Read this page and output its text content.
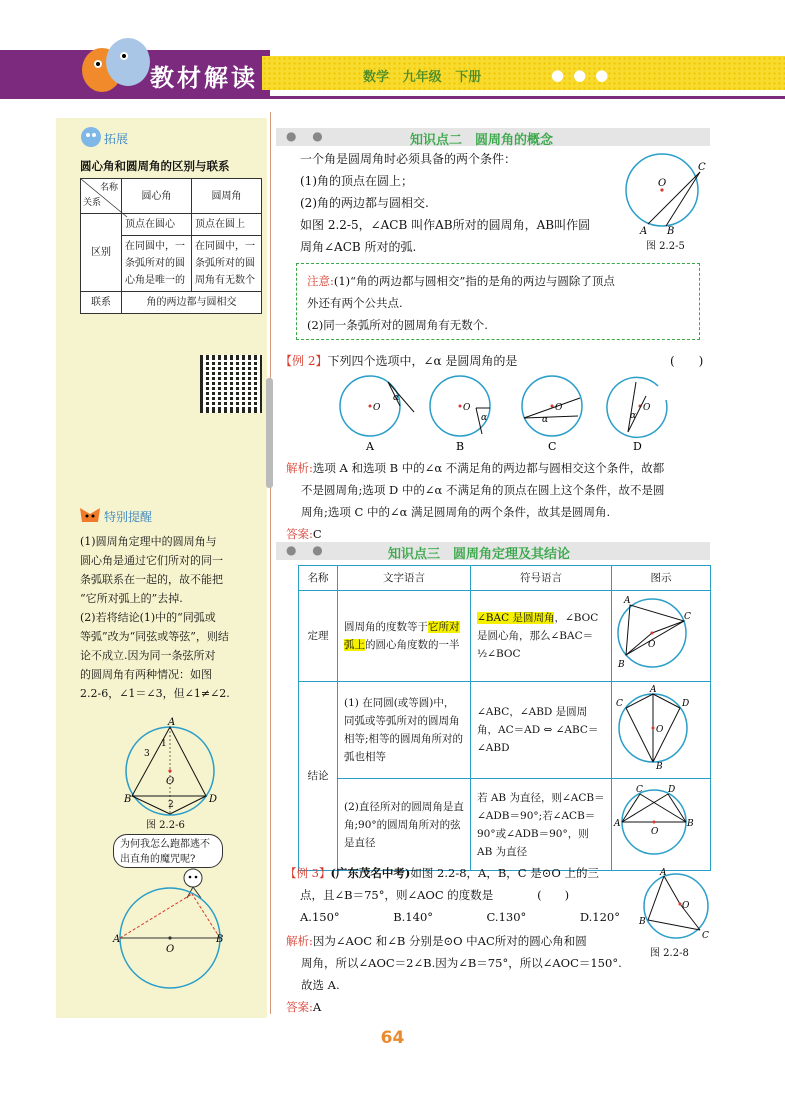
教材解读	数学 九年级 下册	●●●
拓展
圆心角和圆周角的区别与联系
名称
关系	圆心角	圆周角
区别	顶点在圆心	顶点在圆上
	在同圆中，一条弧所对的圆心角是唯一的	在同圆中，一条弧所对的圆周角有无数个
联系	角的两边都与圆相交	
特别提醒
(1)圆周角定理中的圆周角与
圆心角是通过它们所对的同一
条弧联系在一起的，故不能把
“它所对弧上的”去掉.
(2)若将结论(1)中的“同弧或
等弧”改为“同弦或等弦”，则结
论不成立.因为同一条弦所对
的圆周角有两种情况：如图
2.2-6，∠1＝∠3，但∠1≠∠2.
A
B	D
O
1
3
2
图 2.2-6
为何我怎么跑都逃不出直角的魔咒呢?
A	B
O
● ●	知识点二　圆周角的概念
一个角是圆周角时必须具备的两个条件：
(1)角的顶点在圆上；
(2)角的两边都与圆相交.
如图 2.2-5，∠ACB 叫作AB所对的圆周角，AB叫作圆
周角∠ACB 所对的弧.
O
A B
C
图 2.2-5
注意:(1)“角的两边都与圆相交”指的是角的两边与圆除了顶点
外还有两个公共点.
(2)同一条弧所对的圆周角有无数个.
【例 2】下列四个选项中，∠α 是圆周角的是	(　　)
O
α
O
α
O
α
O
α
A	B	C	D
解析:选项 A 和选项 B 中的∠α 不满足角的两边都与圆相交这个条件，故都
不是圆周角;选项 D 中的∠α 不满足角的顶点在圆上这个条件，故不是圆
周角;选项 C 中的∠α 满足圆周角的两个条件，故其是圆周角.
答案:C
● ●	知识点三　圆周角定理及其结论
名称	文字语言	符号语言	图示
定理	圆周角的度数等于它所对弧上的圆心角度数的一半	∠BAC 是圆周角，∠BOC 是圆心角，那么∠BAC＝½∠BOC	A
B
C
O

结论	(1) 在同圆(或等圆)中，同弧或等弧所对的圆周角相等;相等的圆周角所对的弧也相等	∠ABC，∠ABD 是圆周角，AC＝AD ⇔ ∠ABC＝∠ABD	A
C D
O
B

	(2)直径所对的圆周角是直角;90°的圆周角所对的弦是直径	若 AB 为直径，则∠ACB＝∠ADB＝90°;若∠ACB＝90°或∠ADB＝90°，则 AB 为直径	C D
A B
O
【例 3】(广东茂名中考)如图 2.2-8，A，B，C 是⊙O 上的三
点，且∠B＝75°，则∠AOC 的度数是	(　　)
A.150°	B.140°	C.130°	D.120°
A
B
C
O
图 2.2-8
解析:因为∠AOC 和∠B 分别是⊙O 中AC所对的圆心角和圆
周角，所以∠AOC＝2∠B.因为∠B＝75°，所以∠AOC＝150°.
故选 A.
答案:A
64
